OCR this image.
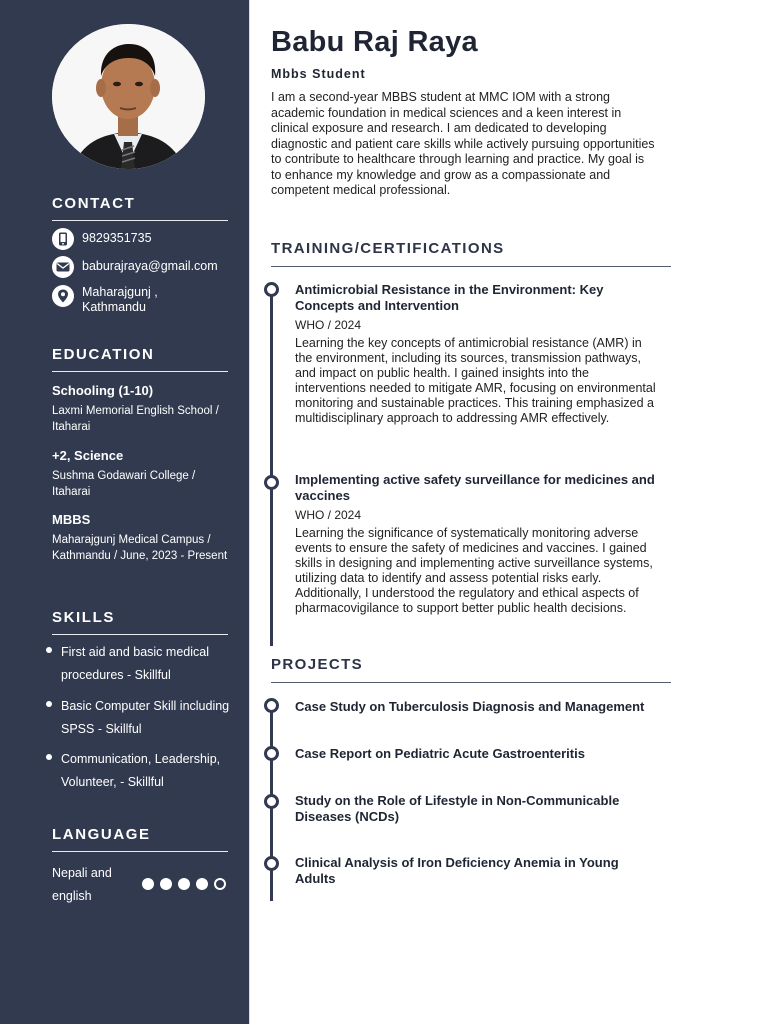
CONTACT
9829351735
baburajraya@gmail.com
Maharajgunj ,
Kathmandu
EDUCATION
Schooling (1-10)
Laxmi Memorial English School / Itaharai
+2, Science
Sushma Godawari College / Itaharai
MBBS
Maharajgunj Medical Campus / Kathmandu / June, 2023 - Present
SKILLS
First aid and basic medical procedures - Skillful
Basic Computer Skill including SPSS - Skillful
Communication, Leadership, Volunteer, - Skillful
LANGUAGE
Nepali and english
Babu Raj Raya
Mbbs Student
I am a second-year MBBS student at MMC IOM with a strong academic foundation in medical sciences and a keen interest in clinical exposure and research. I am dedicated to developing diagnostic and patient care skills while actively pursuing opportunities to contribute to healthcare through learning and practice. My goal is to enhance my knowledge and grow as a compassionate and competent medical professional.
TRAINING/CERTIFICATIONS
Antimicrobial Resistance in the Environment: Key Concepts and Intervention
WHO / 2024
Learning the key concepts of antimicrobial resistance (AMR) in the environment, including its sources, transmission pathways, and impact on public health. I gained insights into the interventions needed to mitigate AMR, focusing on environmental monitoring and sustainable practices. This training emphasized a multidisciplinary approach to addressing AMR effectively.
Implementing active safety surveillance for medicines and vaccines
WHO / 2024
Learning the significance of systematically monitoring adverse events to ensure the safety of medicines and vaccines. I gained skills in designing and implementing active surveillance systems, utilizing data to identify and assess potential risks early. Additionally, I understood the regulatory and ethical aspects of pharmacovigilance to support better public health decisions.
PROJECTS
Case Study on Tuberculosis Diagnosis and Management
Case Report on Pediatric Acute Gastroenteritis
Study on the Role of Lifestyle in Non-Communicable Diseases (NCDs)
Clinical Analysis of Iron Deficiency Anemia in Young Adults
